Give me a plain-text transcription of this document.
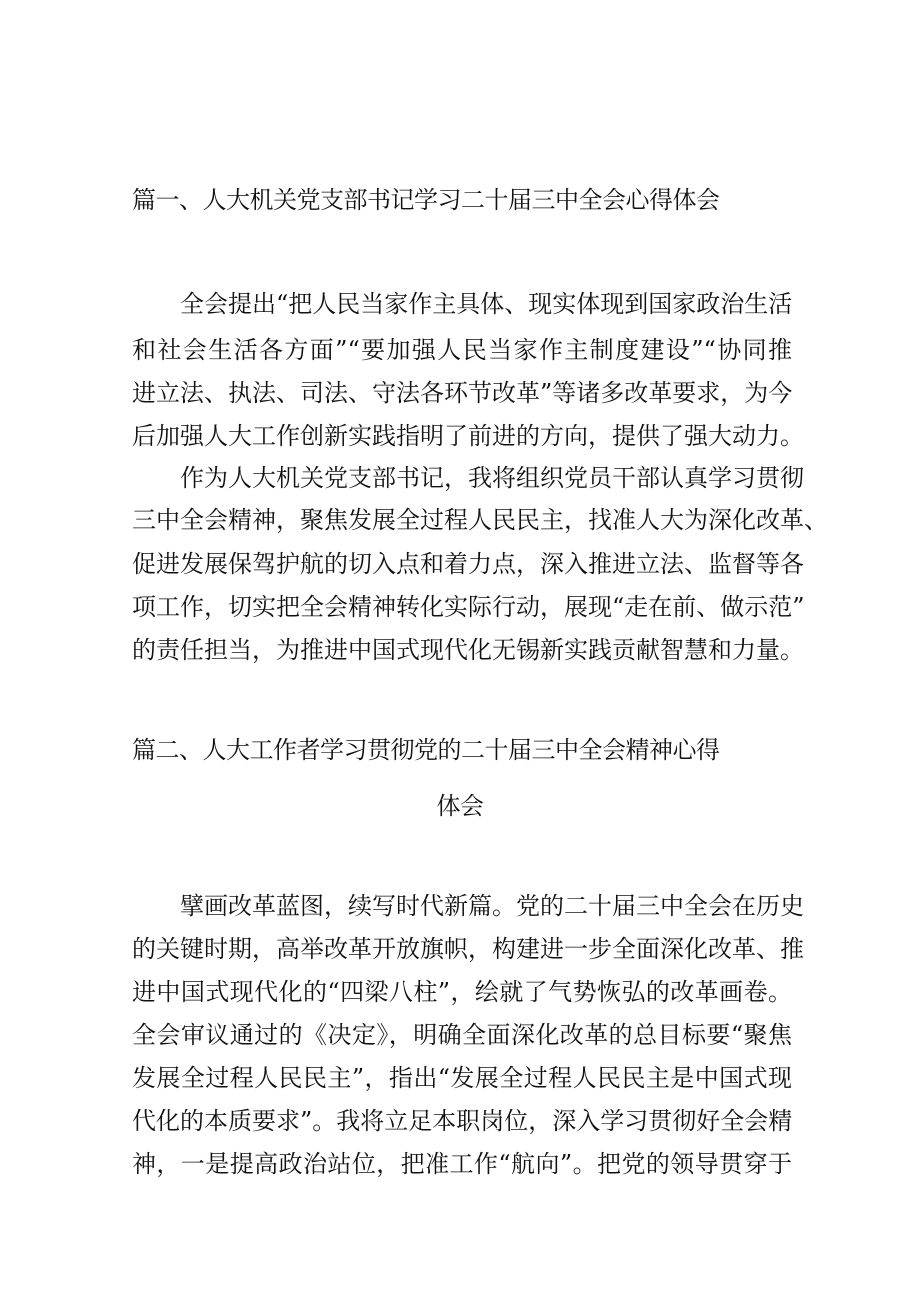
篇一、人大机关党支部书记学习二十届三中全会心得体会
全会提出“把人民当家作主具体、现实体现到国家政治生活
和社会生活各方面”“要加强人民当家作主制度建设”“协同推
进立法、执法、司法、守法各环节改革”等诸多改革要求，为今
后加强人大工作创新实践指明了前进的方向，提供了强大动力。
作为人大机关党支部书记，我将组织党员干部认真学习贯彻
三中全会精神，聚焦发展全过程人民民主，找准人大为深化改革、
促进发展保驾护航的切入点和着力点，深入推进立法、监督等各
项工作，切实把全会精神转化实际行动，展现“走在前、做示范”
的责任担当，为推进中国式现代化无锡新实践贡献智慧和力量。
篇二、人大工作者学习贯彻党的二十届三中全会精神心得
体会
擘画改革蓝图，续写时代新篇。党的二十届三中全会在历史
的关键时期，高举改革开放旗帜，构建进一步全面深化改革、推
进中国式现代化的“四梁八柱”，绘就了气势恢弘的改革画卷。
全会审议通过的《决定》，明确全面深化改革的总目标要“聚焦
发展全过程人民民主”，指出“发展全过程人民民主是中国式现
代化的本质要求”。我将立足本职岗位，深入学习贯彻好全会精
神，一是提高政治站位，把准工作“航向”。把党的领导贯穿于
